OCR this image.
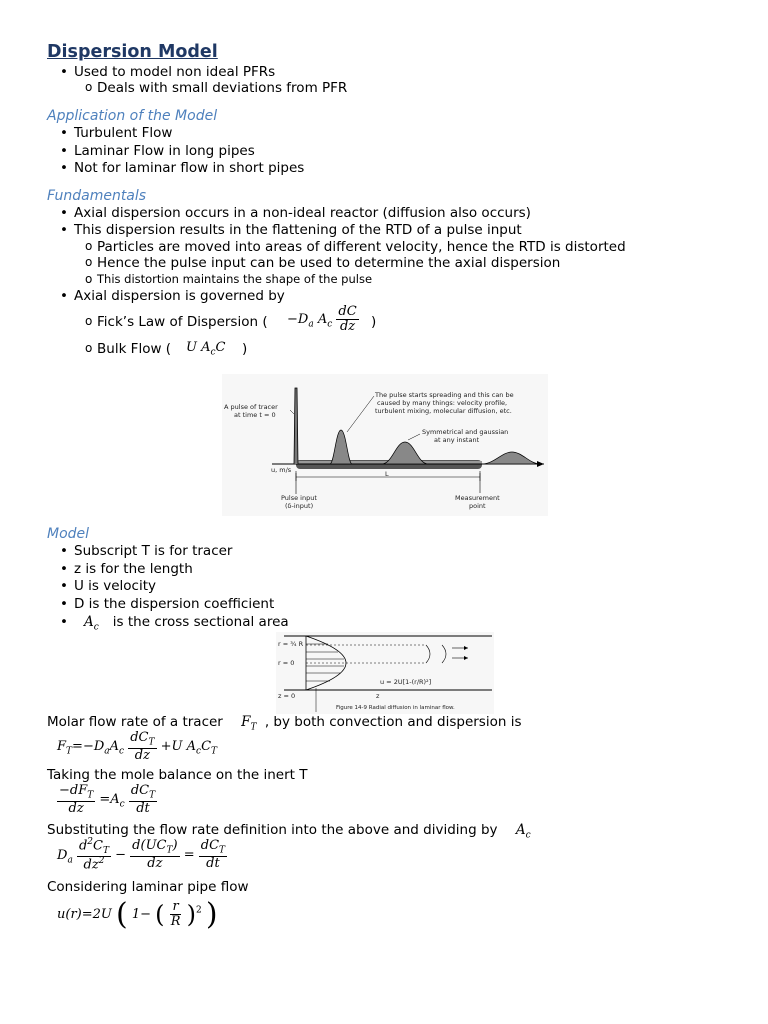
Dispersion Model
• Used to model non ideal PFRs
o Deals with small deviations from PFR
Application of the Model
• Turbulent Flow
• Laminar Flow in long pipes
• Not for laminar flow in short pipes
Fundamentals
• Axial dispersion occurs in a non-ideal reactor (diffusion also occurs)
• This dispersion results in the flattening of the RTD of a pulse input
o Particles are moved into areas of different velocity, hence the RTD is distorted
o Hence the pulse input can be used to determine the axial dispersion
o This distortion maintains the shape of the pulse
• Axial dispersion is governed by
o Fick’s Law of Dispersion ( $-D_a$ $A_c \frac{dC}{dz}$ )
o Bulk Flow ( U $A_cC$ )
A pulse of tracer
at time t = 0
The pulse starts spreading and this can be
caused by many things: velocity profile,
turbulent mixing, molecular diffusion, etc.
Symmetrical and gaussian
at any instant
u, m/s	L
Pulse input
(δ-input)
Measurement
point
Model
• Subscript T is for tracer
• z is for the length
• U is velocity
• D is the dispersion coefficient
• $A_c$ is the cross sectional area
r = ³⁄₄ R
r = 0
z = 0	z
u = 2U[1-(r/R)²]
Figure 14-9 Radial diffusion in laminar flow.
Molar flow rate of a tracer $F_T$ , by both convection and dispersion is
$F_T=-D_aA_c \frac{dC_T}{dz} +U$ $A_cC_T$
Taking the mole balance on the inert T
$\frac{-dF_T}{dz} =A_c \frac{dC_T}{dt}$
Substituting the flow rate definition into the above and dividing by $A_c$
$D_a \frac{d^2C_T}{dz^2} - \frac{d(UC_T)}{dz} = \frac{dC_T}{dt}$
Considering laminar pipe flow
u(r)=2U ( 1− ( $\frac{r}{R} )^2$ )
